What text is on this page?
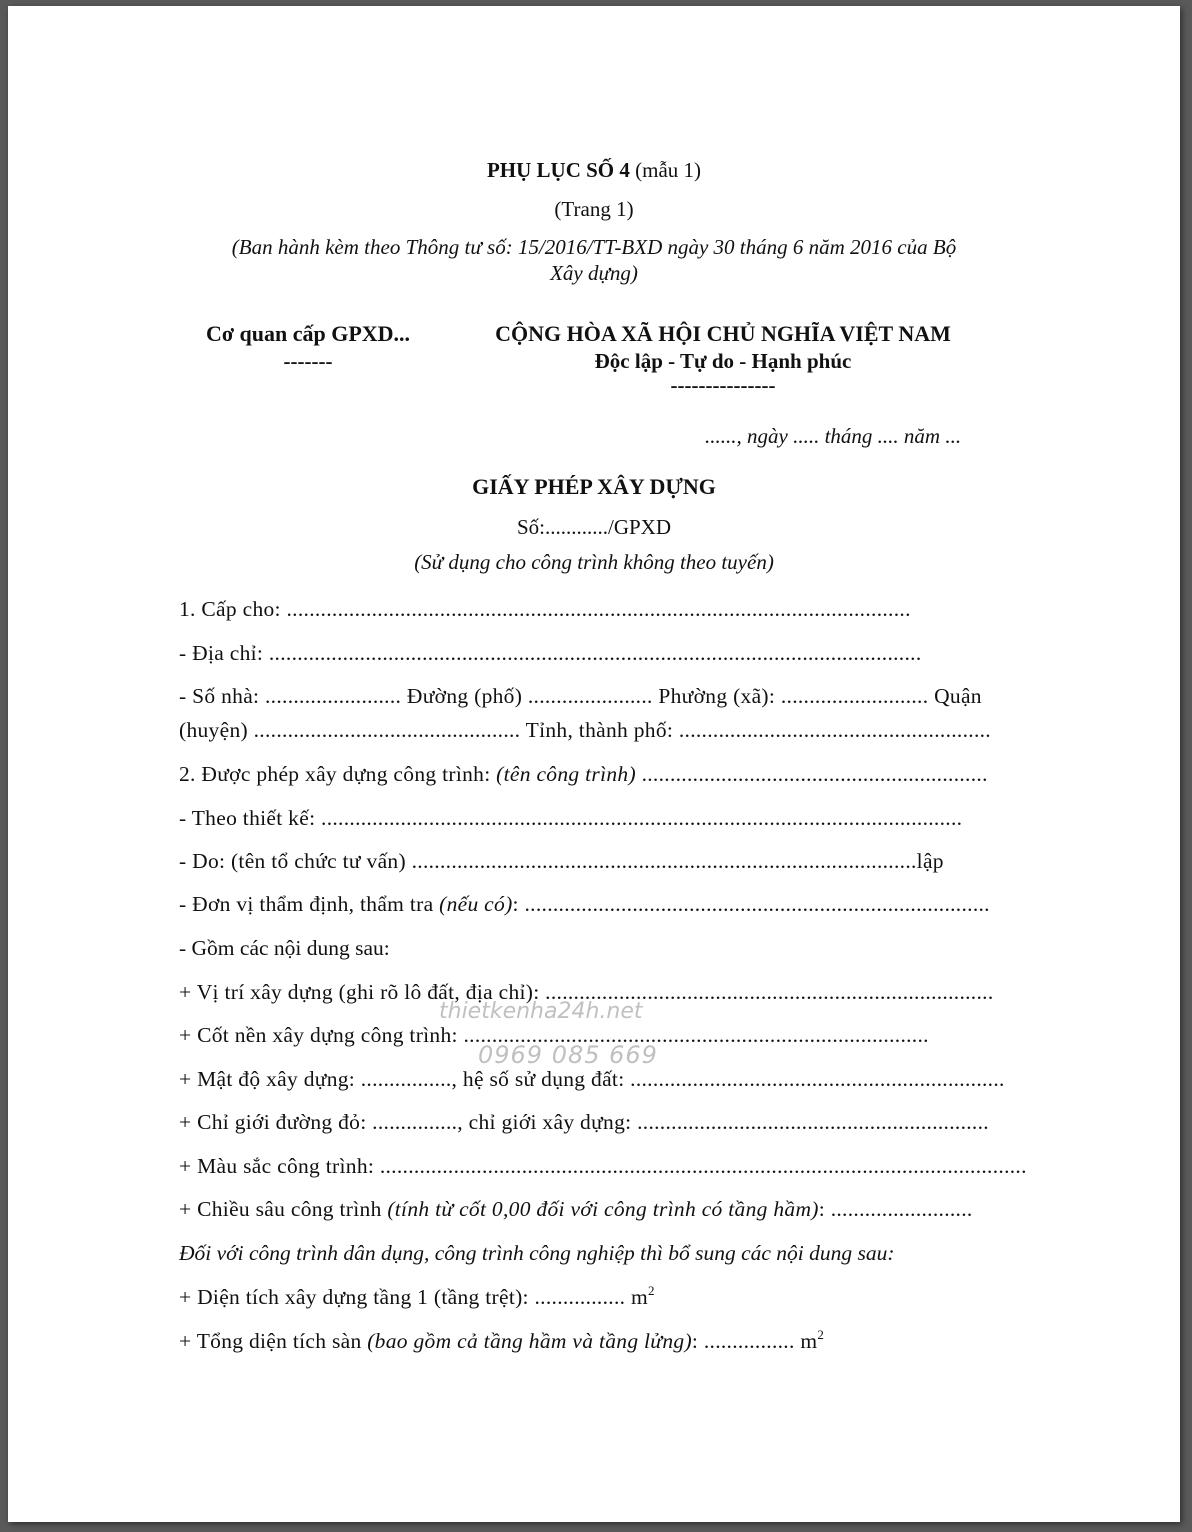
PHỤ LỤC SỐ 4 (mẫu 1)
(Trang 1)
(Ban hành kèm theo Thông tư số: 15/2016/TT-BXD ngày 30 tháng 6 năm 2016 của Bộ
Xây dựng)
Cơ quan cấp GPXD...
-------
CỘNG HÒA XÃ HỘI CHỦ NGHĨA VIỆT NAM
Độc lập - Tự do - Hạnh phúc
---------------
......, ngày ..... tháng .... năm ...
GIẤY PHÉP XÂY DỰNG
Số:............/GPXD
(Sử dụng cho công trình không theo tuyến)
1. Cấp cho: ..............................................................................................................
- Địa chỉ: ...................................................................................................................
- Số nhà: ........................ Đường (phố) ...................... Phường (xã): .......................... Quận
(huyện) ............................................... Tỉnh, thành phố: .......................................................
2. Được phép xây dựng công trình: (tên công trình) .............................................................
- Theo thiết kế: .................................................................................................................
- Do: (tên tổ chức tư vấn) .........................................................................................lập
- Đơn vị thẩm định, thẩm tra (nếu có): ..................................................................................
- Gồm các nội dung sau:
+ Vị trí xây dựng (ghi rõ lô đất, địa chỉ): ...............................................................................
+ Cốt nền xây dựng công trình: ..................................................................................
+ Mật độ xây dựng: ................, hệ số sử dụng đất: ..................................................................
+ Chỉ giới đường đỏ: ..............., chỉ giới xây dựng: ..............................................................
+ Màu sắc công trình: ..................................................................................................................
+ Chiều sâu công trình (tính từ cốt 0,00 đối với công trình có tầng hầm): .........................
Đối với công trình dân dụng, công trình công nghiệp thì bổ sung các nội dung sau:
+ Diện tích xây dựng tầng 1 (tầng trệt): ................ $m^2$
+ Tổng diện tích sàn (bao gồm cả tầng hầm và tầng lửng): ................ $m^2$
thietkenha24h.net
0969 085 669
